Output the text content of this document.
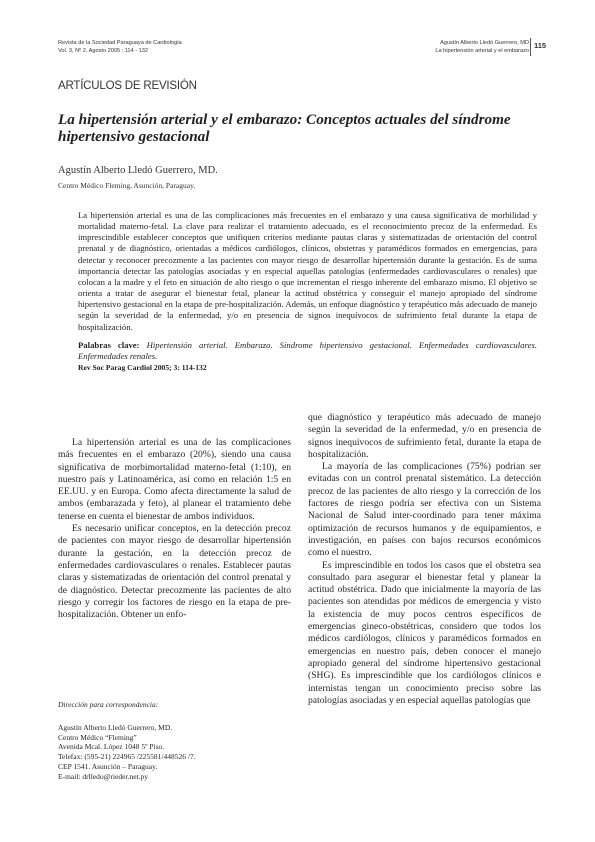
Revista de la Sociedad Paraguaya de Cardiología
Vol. 3, Nº 2. Agosto 2005 : 114 - 132
Agustín Alberto Lledó Guerrero, MD
La hipertensión arterial y el embarazo
115
ARTÍCULOS DE REVISIÓN
La hipertensión arterial y el embarazo: Conceptos actuales del síndrome hipertensivo gestacional
Agustín Alberto Lledó Guerrero, MD.
Centro Médico Fleming, Asunción, Paraguay.
La hipertensión arterial es una de las complicaciones más frecuentes en el embarazo y una causa significativa de morbilidad y mortalidad materno-fetal. La clave para realizar el tratamiento adecuado, es el reconocimiento precoz de la enfermedad. Es imprescindible establecer conceptos que unifiquen criterios mediante pautas claras y sistematizadas de orientación del control prenatal y de diagnóstico, orientadas a médicos cardiólogos, clínicos, obstetras y paramédicos formados en emergencias, para detectar y reconocer precozmente a las pacientes con mayor riesgo de desarrollar hipertensión durante la gestación. Es de suma importancia detectar las patologías asociadas y en especial aquellas patologías (enfermedades cardiovasculares o renales) que colocan a la madre y el feto en situación de alto riesgo o que incrementan el riesgo inherente del embarazo mismo. El objetivo se orienta a tratar de asegurar el bienestar fetal, planear la actitud obstétrica y conseguir el manejo apropiado del síndrome hipertensivo gestacional en la etapa de pre-hospitalización. Además, un enfoque diagnóstico y terapéutico más adecuado de manejo según la severidad de la enfermedad, y/o en presencia de signos inequívocos de sufrimiento fetal durante la etapa de hospitalización.
Palabras clave: Hipertensión arterial. Embarazo. Síndrome hipertensivo gestacional. Enfermedades cardiovasculares. Enfermedades renales.
Rev Soc Parag Cardiol 2005; 3: 114-132

La hipertensión arterial es una de las complicaciones más frecuentes en el embarazo (20%), siendo una causa significativa de morbimortalidad materno-fetal (1:10), en nuestro país y Latinoamérica, así como en relación 1:5 en EE.UU. y en Europa. Como afecta directamente la salud de ambos (embarazada y feto), al planear el tratamiento debe tenerse en cuenta el bienestar de ambos individuos.

Es necesario unificar conceptos, en la detección precoz de pacientes con mayor riesgo de desarrollar hipertensión durante la gestación, en la detección precoz de enfermedades cardiovasculares o renales. Establecer pautas claras y sistematizadas de orientación del control prenatal y de diagnóstico. Detectar precozmente las pacientes de alto riesgo y corregir los factores de riesgo en la etapa de pre-hospitalización. Obtener un enfo-

que diagnóstico y terapéutico más adecuado de manejo según la severidad de la enfermedad, y/o en presencia de signos inequívocos de sufrimiento fetal, durante la etapa de hospitalización.

La mayoría de las complicaciones (75%) podrían ser evitadas con un control prenatal sistemático. La detección precoz de las pacientes de alto riesgo y la corrección de los factores de riesgo podría ser efectiva con un Sistema Nacional de Salud inter-coordinado para tener máxima optimización de recursos humanos y de equipamientos, e investigación, en países con bajos recursos económicos como el nuestro.

Es imprescindible en todos los casos que el obstetra sea consultado para asegurar el bienestar fetal y planear la actitud obstétrica. Dado que inicialmente la mayoría de las pacientes son atendidas por médicos de emergencia y visto la existencia de muy pocos centros específicos de emergencias gineco-obstétricas, considero que todos los médicos cardiólogos, clínicos y paramédicos formados en emergencias en nuestro país, deben conocer el manejo apropiado general del síndrome hipertensivo gestacional (SHG). Es imprescindible que los cardiólogos clínicos e internistas tengan un conocimiento preciso sobre las patologías asociadas y en especial aquellas patologías que

Dirección para correspondencia:
Agustín Alberto Lledó Guerrero, MD.
Centro Médico “Fleming”
Avenida Mcal. López 1048 5º Piso.
Telefax: (595-21) 224965 /225581/448526 /7.
CEP 1541. Asunción – Paraguay.
E-mail: drlledo@rieder.net.py
